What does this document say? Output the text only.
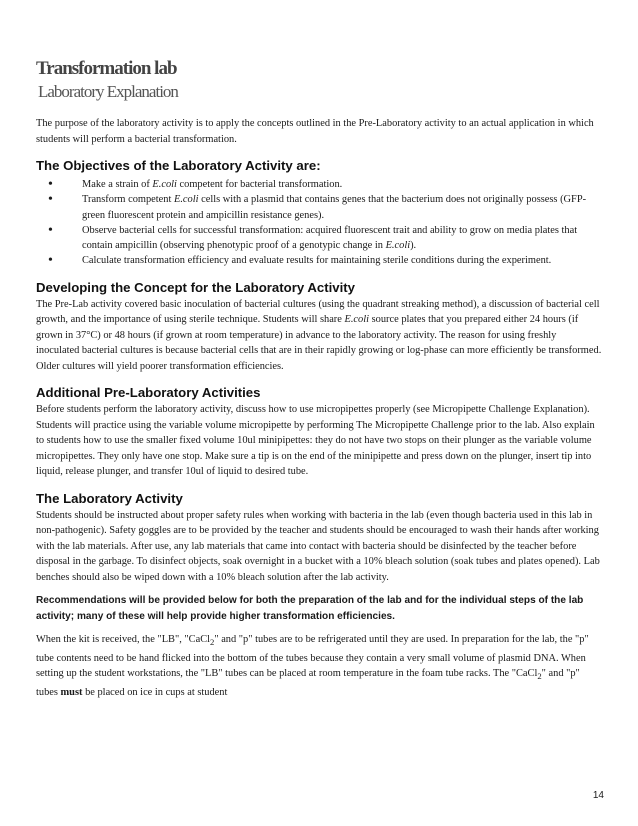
Transformation lab
Laboratory Explanation

The purpose of the laboratory activity is to apply the concepts outlined in the Pre-Laboratory activity to an actual application in which students will perform a bacterial transformation.

The Objectives of the Laboratory Activity are:
•	Make a strain of E.coli competent for bacterial transformation.
•	Transform competent E.coli cells with a plasmid that contains genes that the bacterium does not originally possess (GFP-green fluorescent protein and ampicillin resistance genes).
•	Observe bacterial cells for successful transformation: acquired fluorescent trait and ability to grow on media plates that contain ampicillin (observing phenotypic proof of a genotypic change in E.coli).
•	Calculate transformation efficiency and evaluate results for maintaining sterile conditions during the experiment.
Developing the Concept for the Laboratory Activity

The Pre-Lab activity covered basic inoculation of bacterial cultures (using the quadrant streaking method), a discussion of bacterial cell growth, and the importance of using sterile technique. Students will share E.coli source plates that you prepared either 24 hours (if grown in 37°C) or 48 hours (if grown at room temperature) in advance to the laboratory activity. The reason for using freshly inoculated bacterial cultures is because bacterial cells that are in their rapidly growing or log-phase can more efficiently be transformed. Older cultures will yield poorer transformation efficiencies.

Additional Pre-Laboratory Activities

Before students perform the laboratory activity, discuss how to use micropipettes properly (see Micropipette Challenge Explanation). Students will practice using the variable volume micropipette by performing The Micropipette Challenge prior to the lab. Also explain to students how to use the smaller fixed volume 10ul minipipettes: they do not have two stops on their plunger as the variable volume micropipettes. They only have one stop. Make sure a tip is on the end of the minipipette and press down on the plunger, insert tip into liquid, release plunger, and transfer 10ul of liquid to desired tube.

The Laboratory Activity

Students should be instructed about proper safety rules when working with bacteria in the lab (even though bacteria used in this lab in non-pathogenic). Safety goggles are to be provided by the teacher and students should be encouraged to wash their hands after working with the lab materials. After use, any lab materials that came into contact with bacteria should be disinfected by the teacher before disposal in the garbage. To disinfect objects, soak overnight in a bucket with a 10% bleach solution (soak tubes and plates opened). Lab benches should also be wiped down with a 10% bleach solution after the lab activity.

Recommendations will be provided below for both the preparation of the lab and for the individual steps of the lab activity; many of these will help provide higher transformation efficiencies.

When the kit is received, the "LB", "CaCl$_2$" and "p" tubes are to be refrigerated until they are used. In preparation for the lab, the "p" tube contents need to be hand flicked into the bottom of the tubes because they contain a very small volume of plasmid DNA. When setting up the student workstations, the "LB" tubes can be placed at room temperature in the foam tube racks. The "CaCl$_2$" and "p" tubes must be placed on ice in cups at student

14
